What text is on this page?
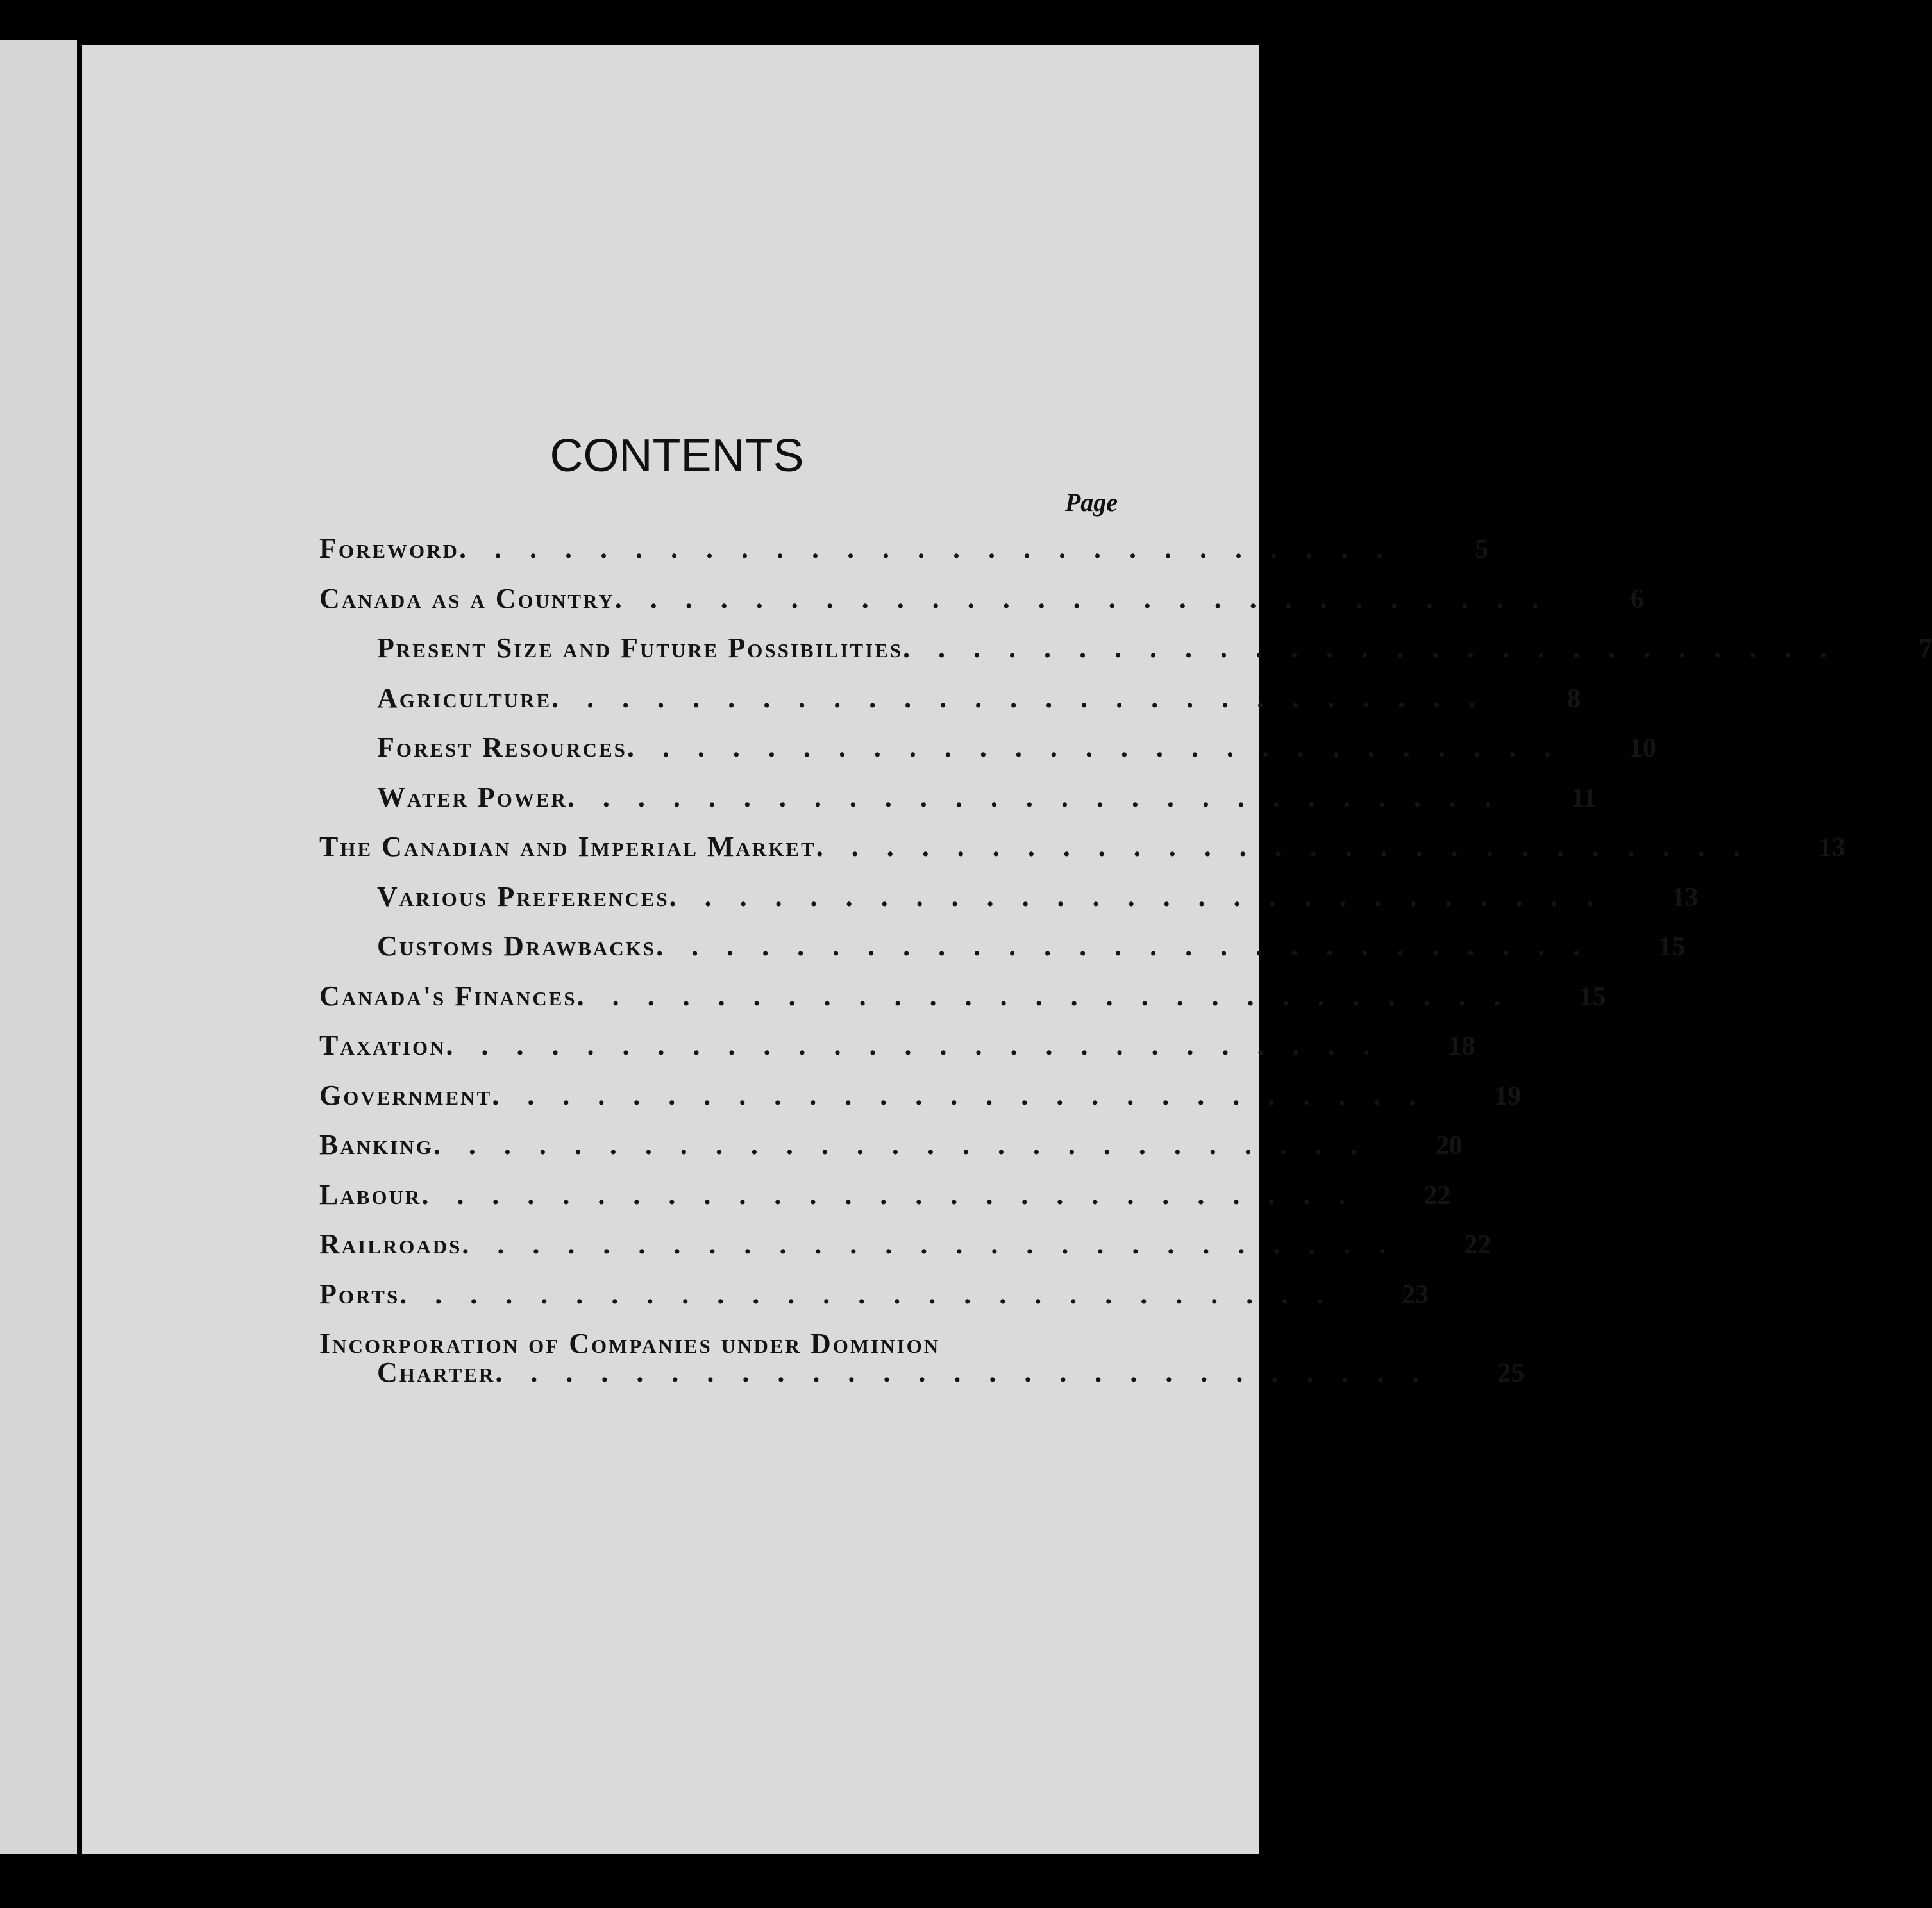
CONTENTS
Page
Foreword ...........................	5
Canada as a Country ...........................	6
Present Size and Future Possibilities ...........................	7
Agriculture ...........................	8
Forest Resources ...........................	10
Water Power ...........................	11
The Canadian and Imperial Market ...........................	13
Various Preferences ...........................	13
Customs Drawbacks ...........................	15
Canada's Finances ...........................	15
Taxation ...........................	18
Government ...........................	19
Banking ...........................	20
Labour ...........................	22
Railroads ...........................	22
Ports ...........................	23
Incorporation of Companies under Dominion
Charter ...........................	25
